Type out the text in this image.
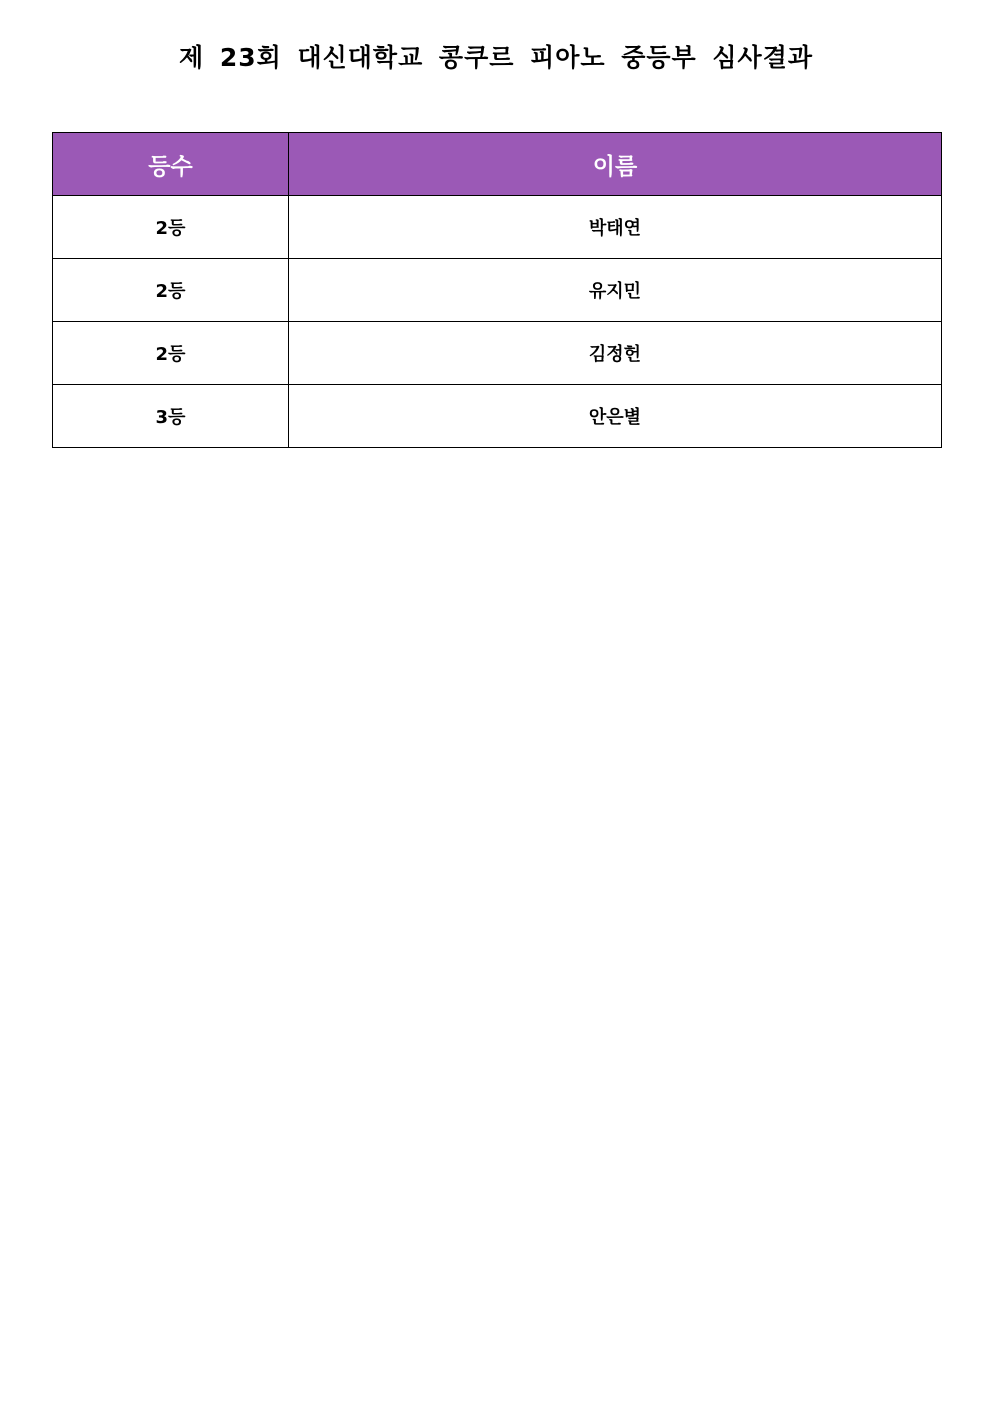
제 23회 대신대학교 콩쿠르 피아노 중등부 심사결과
등수	이름
2등	박태연
2등	유지민
2등	김정헌
3등	안은별
